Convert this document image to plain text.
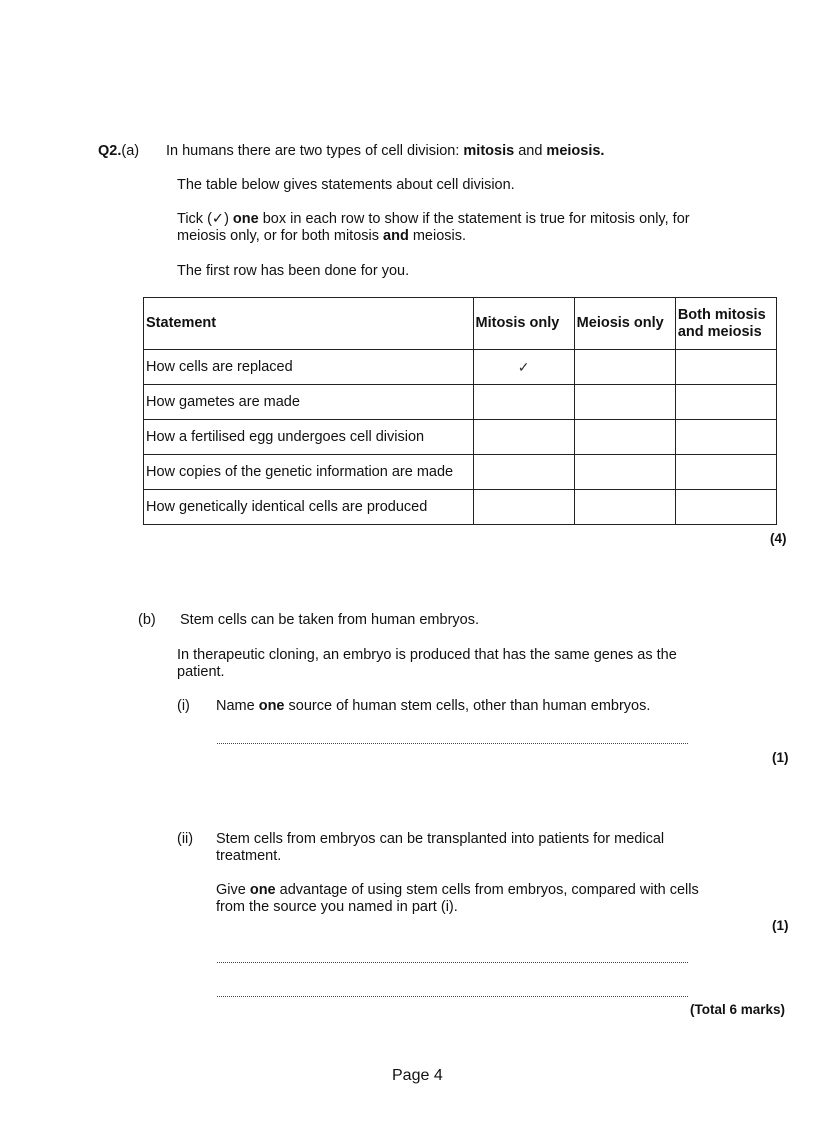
Q2.(a) In humans there are two types of cell division: mitosis and meiosis.
The table below gives statements about cell division.
Tick (✓) one box in each row to show if the statement is true for mitosis only, for
meiosis only, or for both mitosis and meiosis.
The first row has been done for you.
Statement	Mitosis only	Meiosis only	Both mitosis and meiosis
How cells are replaced	✓		
How gametes are made			
How a fertilised egg undergoes cell division			
How copies of the genetic information are made			
How genetically identical cells are produced			
(4)
(b) Stem cells can be taken from human embryos.
In therapeutic cloning, an embryo is produced that has the same genes as the
patient.
(i) Name one source of human stem cells, other than human embryos.
(1)
(ii) Stem cells from embryos can be transplanted into patients for medical
treatment.
Give one advantage of using stem cells from embryos, compared with cells
from the source you named in part (i).
(1)
(Total 6 marks)
Page 4
